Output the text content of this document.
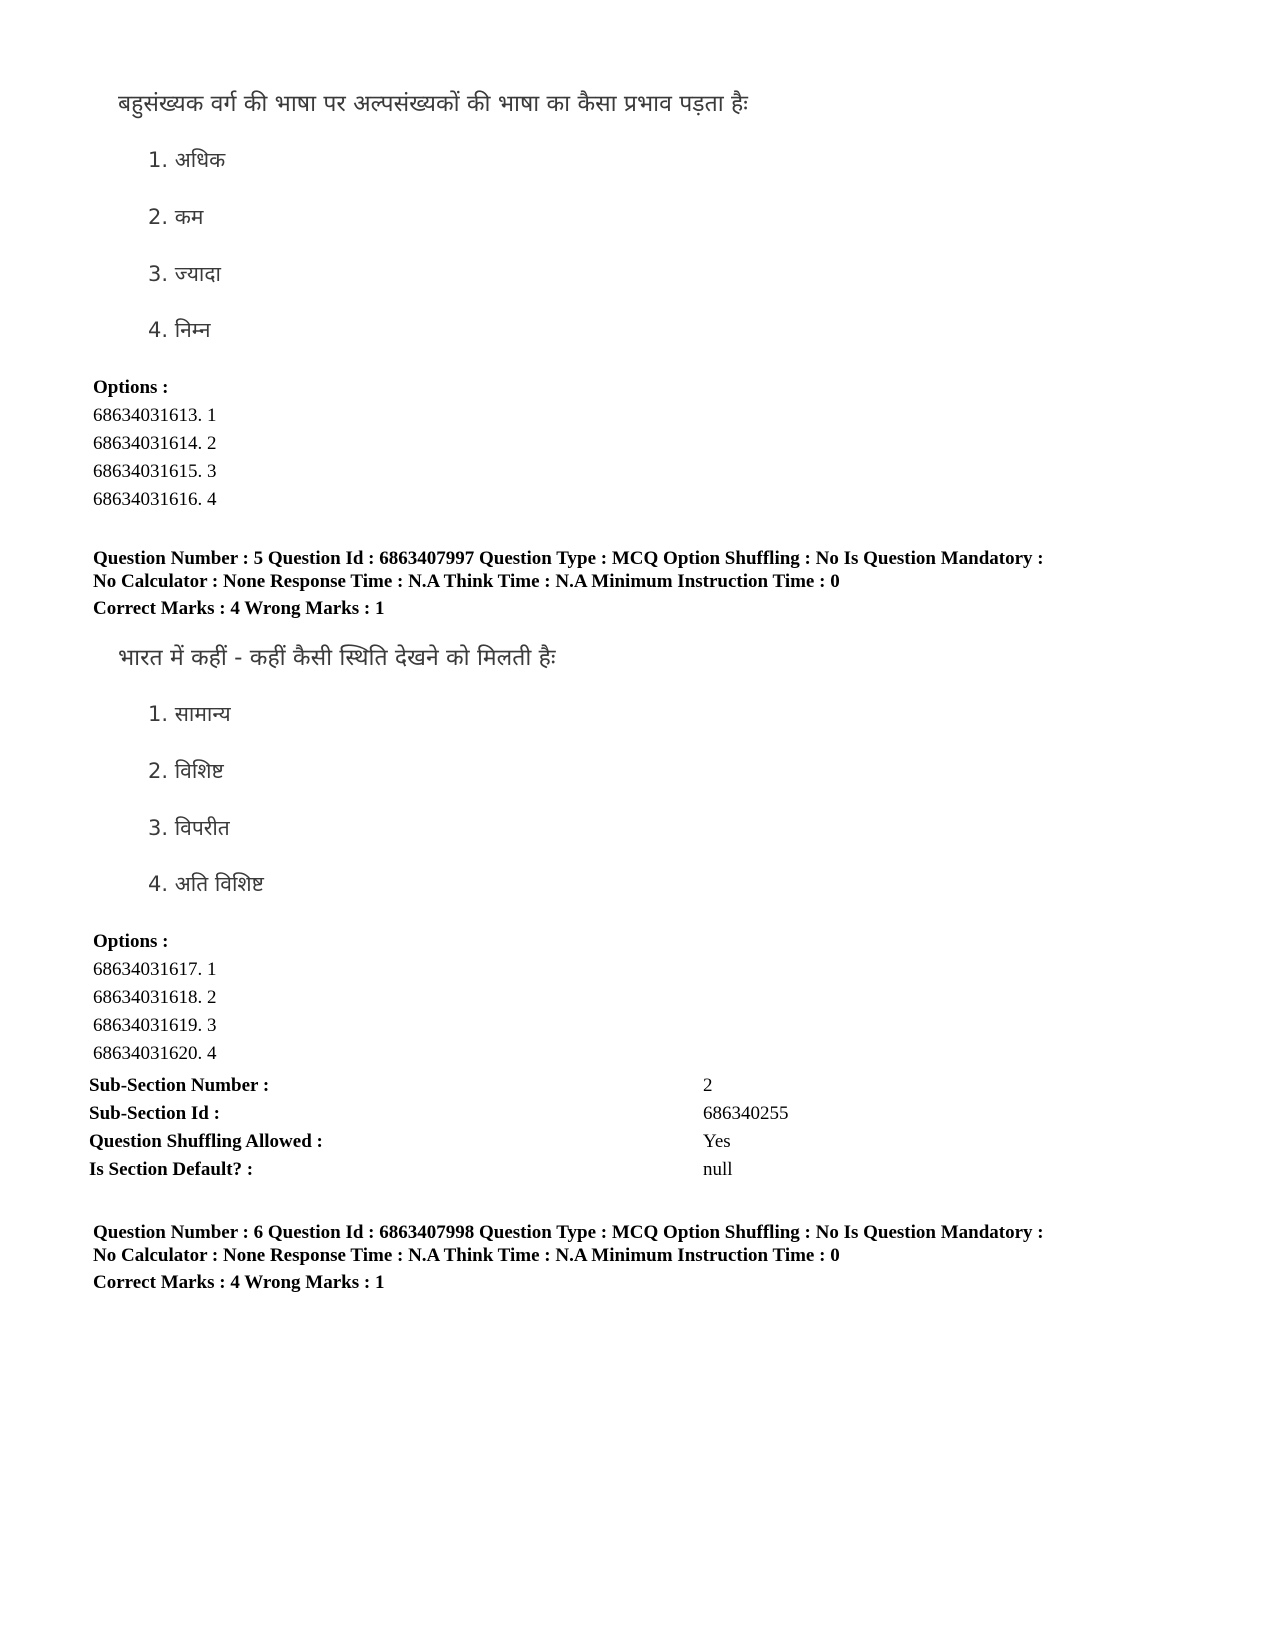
बहुसंख्यक वर्ग की भाषा पर अल्पसंख्यकों की भाषा का कैसा प्रभाव पड़ता हैः
1. अधिक
2. कम
3. ज्यादा
4. निम्न
Options :
68634031613. 1
68634031614. 2
68634031615. 3
68634031616. 4
Question Number : 5 Question Id : 6863407997 Question Type : MCQ Option Shuffling : No Is Question Mandatory :
No Calculator : None Response Time : N.A Think Time : N.A Minimum Instruction Time : 0
Correct Marks : 4 Wrong Marks : 1
भारत में कहीं - कहीं कैसी स्थिति देखने को मिलती हैः
1. सामान्य
2. विशिष्ट
3. विपरीत
4. अति विशिष्ट
Options :
68634031617. 1
68634031618. 2
68634031619. 3
68634031620. 4
Sub-Section Number :	2
Sub-Section Id :	686340255
Question Shuffling Allowed :	Yes
Is Section Default? :	null
Question Number : 6 Question Id : 6863407998 Question Type : MCQ Option Shuffling : No Is Question Mandatory :
No Calculator : None Response Time : N.A Think Time : N.A Minimum Instruction Time : 0
Correct Marks : 4 Wrong Marks : 1
